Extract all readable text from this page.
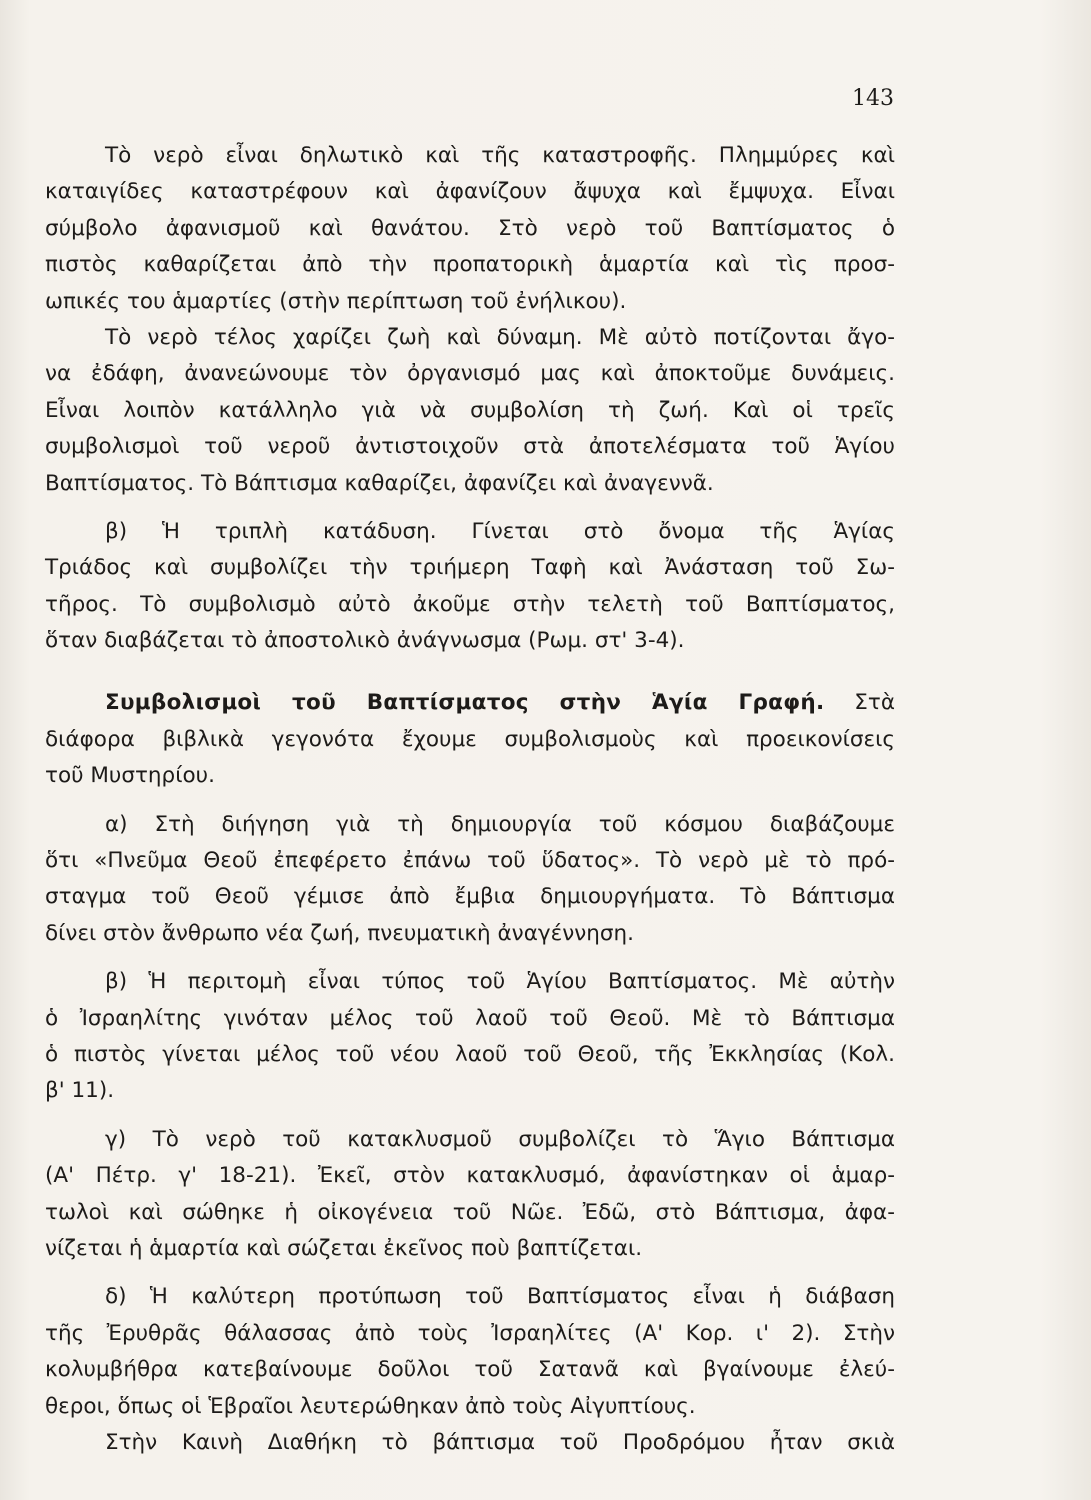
143
Τὸ νερὸ εἶναι δηλωτικὸ καὶ τῆς καταστροφῆς. Πλημμύρες καὶ
καταιγίδες καταστρέφουν καὶ ἀφανίζουν ἄψυχα καὶ ἔμψυχα. Εἶναι
σύμβολο ἀφανισμοῦ καὶ θανάτου. Στὸ νερὸ τοῦ Βαπτίσματος ὁ
πιστὸς καθαρίζεται ἀπὸ τὴν προπατορικὴ ἁμαρτία καὶ τὶς προσ-
ωπικές του ἁμαρτίες (στὴν περίπτωση τοῦ ἐνήλικου).
Τὸ νερὸ τέλος χαρίζει ζωὴ καὶ δύναμη. Μὲ αὐτὸ ποτίζονται ἄγο-
να ἐδάφη, ἀνανεώνουμε τὸν ὀργανισμό μας καὶ ἀποκτοῦμε δυνάμεις.
Εἶναι λοιπὸν κατάλληλο γιὰ νὰ συμβολίση τὴ ζωή. Καὶ οἱ τρεῖς
συμβολισμοὶ τοῦ νεροῦ ἀντιστοιχοῦν στὰ ἀποτελέσματα τοῦ Ἁγίου
Βαπτίσματος. Τὸ Βάπτισμα καθαρίζει, ἀφανίζει καὶ ἀναγεννᾶ.
β) Ἡ τριπλὴ κατάδυση. Γίνεται στὸ ὄνομα τῆς Ἁγίας
Τριάδος καὶ συμβολίζει τὴν τριήμερη Ταφὴ καὶ Ἀνάσταση τοῦ Σω-
τῆρος. Τὸ συμβολισμὸ αὐτὸ ἀκοῦμε στὴν τελετὴ τοῦ Βαπτίσματος,
ὅταν διαβάζεται τὸ ἀποστολικὸ ἀνάγνωσμα (Ρωμ. στ' 3-4).
Συμβολισμοὶ τοῦ Βαπτίσματος στὴν Ἁγία Γραφή. Στὰ
διάφορα βιβλικὰ γεγονότα ἔχουμε συμβολισμοὺς καὶ προεικονίσεις
τοῦ Μυστηρίου.
α) Στὴ διήγηση γιὰ τὴ δημιουργία τοῦ κόσμου διαβάζουμε
ὅτι «Πνεῦμα Θεοῦ ἐπεφέρετο ἐπάνω τοῦ ὕδατος». Τὸ νερὸ μὲ τὸ πρό-
σταγμα τοῦ Θεοῦ γέμισε ἀπὸ ἔμβια δημιουργήματα. Τὸ Βάπτισμα
δίνει στὸν ἄνθρωπο νέα ζωή, πνευματικὴ ἀναγέννηση.
β) Ἡ περιτομὴ εἶναι τύπος τοῦ Ἁγίου Βαπτίσματος. Μὲ αὐτὴν
ὁ Ἰσραηλίτης γινόταν μέλος τοῦ λαοῦ τοῦ Θεοῦ. Μὲ τὸ Βάπτισμα
ὁ πιστὸς γίνεται μέλος τοῦ νέου λαοῦ τοῦ Θεοῦ, τῆς Ἐκκλησίας (Κολ.
β' 11).
γ) Τὸ νερὸ τοῦ κατακλυσμοῦ συμβολίζει τὸ Ἅγιο Βάπτισμα
(Α' Πέτρ. γ' 18-21). Ἐκεῖ, στὸν κατακλυσμό, ἀφανίστηκαν οἱ ἁμαρ-
τωλοὶ καὶ σώθηκε ἡ οἰκογένεια τοῦ Νῶε. Ἐδῶ, στὸ Βάπτισμα, ἀφα-
νίζεται ἡ ἁμαρτία καὶ σώζεται ἐκεῖνος ποὺ βαπτίζεται.
δ) Ἡ καλύτερη προτύπωση τοῦ Βαπτίσματος εἶναι ἡ διάβαση
τῆς Ἐρυθρᾶς θάλασσας ἀπὸ τοὺς Ἰσραηλίτες (Α' Κορ. ι' 2). Στὴν
κολυμβήθρα κατεβαίνουμε δοῦλοι τοῦ Σατανᾶ καὶ βγαίνουμε ἐλεύ-
θεροι, ὅπως οἱ Ἑβραῖοι λευτερώθηκαν ἀπὸ τοὺς Αἰγυπτίους.
Στὴν Καινὴ Διαθήκη τὸ βάπτισμα τοῦ Προδρόμου ἦταν σκιὰ
